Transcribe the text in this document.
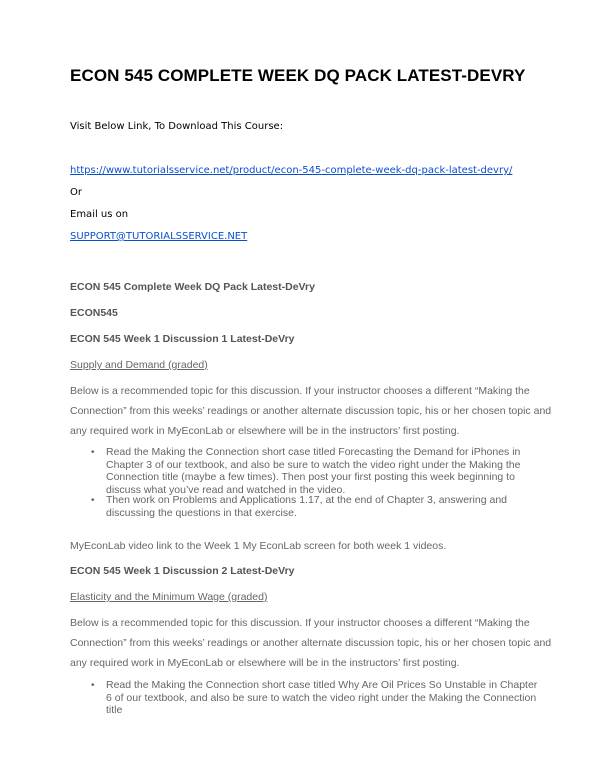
ECON 545 COMPLETE WEEK DQ PACK LATEST-DEVRY
Visit Below Link, To Download This Course:
https://www.tutorialsservice.net/product/econ-545-complete-week-dq-pack-latest-devry/
Or
Email us on
SUPPORT@TUTORIALSSERVICE.NET
ECON 545 Complete Week DQ Pack Latest-DeVry
ECON545
ECON 545 Week 1 Discussion 1 Latest-DeVry
Supply and Demand (graded)
Below is a recommended topic for this discussion. If your instructor chooses a different “Making the
Connection” from this weeks’ readings or another alternate discussion topic, his or her chosen topic and
any required work in MyEconLab or elsewhere will be in the instructors’ first posting.
• Read the Making the Connection short case titled Forecasting the Demand for iPhones in Chapter 3 of our textbook, and also be sure to watch the video right under the Making the Connection title (maybe a few times). Then post your first posting this week beginning to discuss what you’ve read and watched in the video.
• Then work on Problems and Applications 1.17, at the end of Chapter 3, answering and discussing the questions in that exercise.
MyEconLab video link to the Week 1 My EconLab screen for both week 1 videos.
ECON 545 Week 1 Discussion 2 Latest-DeVry
Elasticity and the Minimum Wage (graded)
Below is a recommended topic for this discussion. If your instructor chooses a different “Making the
Connection” from this weeks’ readings or another alternate discussion topic, his or her chosen topic and
any required work in MyEconLab or elsewhere will be in the instructors’ first posting.
• Read the Making the Connection short case titled Why Are Oil Prices So Unstable in Chapter 6 of our textbook, and also be sure to watch the video right under the Making the Connection title
